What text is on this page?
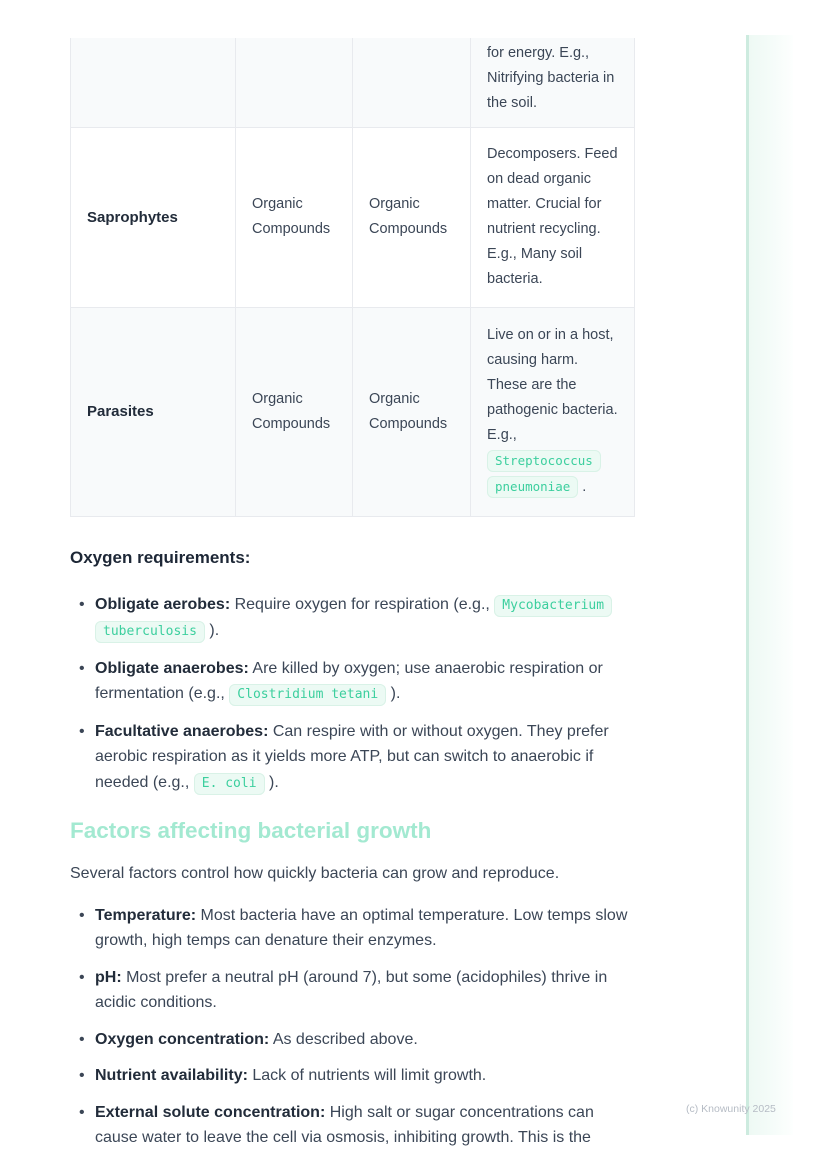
			for energy. E.g., Nitrifying bacteria in the soil.
Saprophytes	Organic Compounds	Organic Compounds	Decomposers. Feed on dead organic matter. Crucial for nutrient recycling. E.g., Many soil bacteria.
Parasites	Organic Compounds	Organic Compounds	Live on or in a host, causing harm. These are the pathogenic bacteria. E.g., Streptococcus pneumoniae .
Oxygen requirements:
• Obligate aerobes: Require oxygen for respiration (e.g., Mycobacterium tuberculosis ).
• Obligate anaerobes: Are killed by oxygen; use anaerobic respiration or fermentation (e.g., Clostridium tetani ).
• Facultative anaerobes: Can respire with or without oxygen. They prefer aerobic respiration as it yields more ATP, but can switch to anaerobic if needed (e.g., E. coli ).
Factors affecting bacterial growth

Several factors control how quickly bacteria can grow and reproduce.

• Temperature: Most bacteria have an optimal temperature. Low temps slow growth, high temps can denature their enzymes.
• pH: Most prefer a neutral pH (around 7), but some (acidophiles) thrive in acidic conditions.
• Oxygen concentration: As described above.
• Nutrient availability: Lack of nutrients will limit growth.
• External solute concentration: High salt or sugar concentrations can cause water to leave the cell via osmosis, inhibiting growth. This is the
(c) Knowunity 2025
